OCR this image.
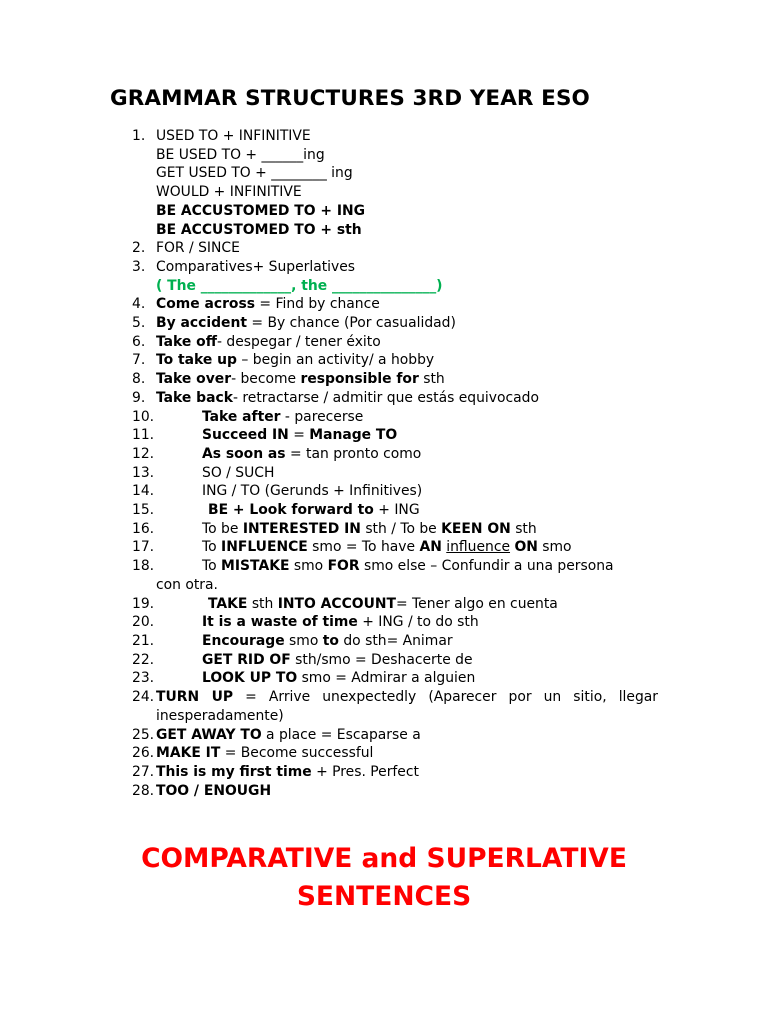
GRAMMAR STRUCTURES 3RD YEAR ESO
1. USED TO + INFINITIVE
BE USED TO + ______ing
GET USED TO + ________ ing
WOULD + INFINITIVE
BE ACCUSTOMED TO + ING
BE ACCUSTOMED TO + sth
2. FOR / SINCE
3. Comparatives+ Superlatives
( The _____________, the _______________)
4. Come across = Find by chance
5. By accident = By chance (Por casualidad)
6. Take off- despegar / tener éxito
7. To take up – begin an activity/ a hobby
8. Take over- become responsible for sth
9. Take back- retractarse / admitir que estás equivocado
10.	Take after - parecerse
11.	Succeed IN = Manage TO
12.	As soon as = tan pronto como
13.	SO / SUCH
14.	ING / TO (Gerunds + Infinitives)
15.	BE + Look forward to + ING
16.	To be INTERESTED IN sth / To be KEEN ON sth
17.	To INFLUENCE smo = To have AN influence ON smo
18.	To MISTAKE smo FOR smo else – Confundir a una persona
con otra.
19.	TAKE sth INTO ACCOUNT= Tener algo en cuenta
20.	It is a waste of time + ING / to do sth
21.	Encourage smo to do sth= Animar
22.	GET RID OF sth/smo = Deshacerte de
23.	LOOK UP TO smo = Admirar a alguien
24. TURN UP = Arrive unexpectedly (Aparecer por un sitio, llegar
inesperadamente)
25. GET AWAY TO a place = Escaparse a
26. MAKE IT = Become successful
27. This is my first time + Pres. Perfect
28. TOO / ENOUGH
COMPARATIVE and SUPERLATIVE
SENTENCES
